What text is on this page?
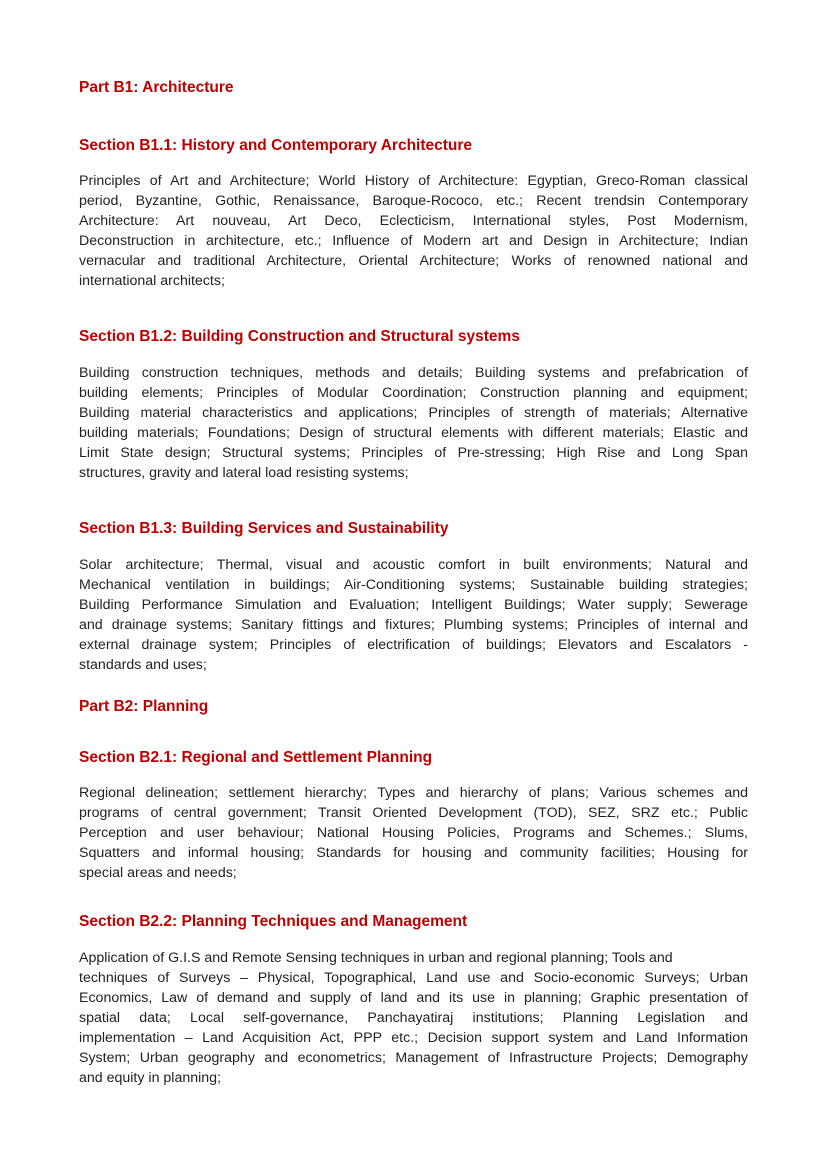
Part B1: Architecture
Section B1.1: History and Contemporary Architecture
Principles of Art and Architecture; World History of Architecture: Egyptian, Greco-Roman classical
period, Byzantine, Gothic, Renaissance, Baroque-Rococo, etc.; Recent trendsin Contemporary
Architecture: Art nouveau, Art Deco, Eclecticism, International styles, Post Modernism,
Deconstruction in architecture, etc.; Influence of Modern art and Design in Architecture; Indian
vernacular and traditional Architecture, Oriental Architecture; Works of renowned national and
international architects;
Section B1.2: Building Construction and Structural systems
Building construction techniques, methods and details; Building systems and prefabrication of
building elements; Principles of Modular Coordination; Construction planning and equipment;
Building material characteristics and applications; Principles of strength of materials; Alternative
building materials; Foundations; Design of structural elements with different materials; Elastic and
Limit State design; Structural systems; Principles of Pre-stressing; High Rise and Long Span
structures, gravity and lateral load resisting systems;
Section B1.3: Building Services and Sustainability
Solar architecture; Thermal, visual and acoustic comfort in built environments; Natural and
Mechanical ventilation in buildings; Air-Conditioning systems; Sustainable building strategies;
Building Performance Simulation and Evaluation; Intelligent Buildings; Water supply; Sewerage
and drainage systems; Sanitary fittings and fixtures; Plumbing systems; Principles of internal and
external drainage system; Principles of electrification of buildings; Elevators and Escalators -
standards and uses;
Part B2: Planning
Section B2.1: Regional and Settlement Planning
Regional delineation; settlement hierarchy; Types and hierarchy of plans; Various schemes and
programs of central government; Transit Oriented Development (TOD), SEZ, SRZ etc.; Public
Perception and user behaviour; National Housing Policies, Programs and Schemes.; Slums,
Squatters and informal housing; Standards for housing and community facilities; Housing for
special areas and needs;
Section B2.2: Planning Techniques and Management
Application of G.I.S and Remote Sensing techniques in urban and regional planning; Tools and
techniques of Surveys – Physical, Topographical, Land use and Socio-economic Surveys; Urban
Economics, Law of demand and supply of land and its use in planning; Graphic presentation of
spatial data; Local self-governance, Panchayatiraj institutions; Planning Legislation and
implementation – Land Acquisition Act, PPP etc.; Decision support system and Land Information
System; Urban geography and econometrics; Management of Infrastructure Projects; Demography
and equity in planning;
